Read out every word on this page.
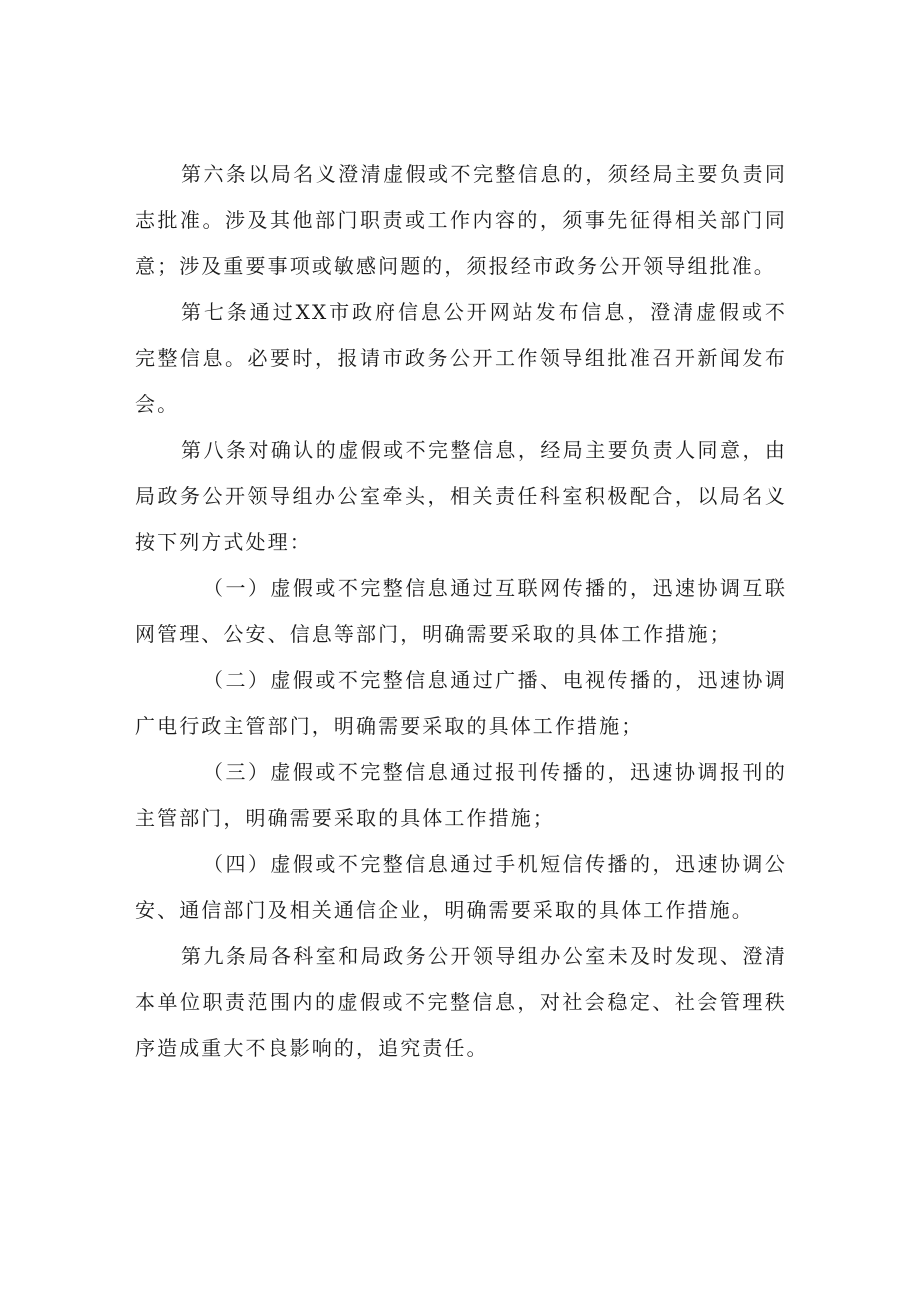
第六条以局名义澄清虚假或不完整信息的，须经局主要负责同志批准。涉及其他部门职责或工作内容的，须事先征得相关部门同意；涉及重要事项或敏感问题的，须报经市政务公开领导组批准。

第七条通过XX市政府信息公开网站发布信息，澄清虚假或不完整信息。必要时，报请市政务公开工作领导组批准召开新闻发布会。

第八条对确认的虚假或不完整信息，经局主要负责人同意，由局政务公开领导组办公室牵头，相关责任科室积极配合，以局名义按下列方式处理：

（一）虚假或不完整信息通过互联网传播的，迅速协调互联网管理、公安、信息等部门，明确需要采取的具体工作措施；

（二）虚假或不完整信息通过广播、电视传播的，迅速协调广电行政主管部门，明确需要采取的具体工作措施；

（三）虚假或不完整信息通过报刊传播的，迅速协调报刊的主管部门，明确需要采取的具体工作措施；

（四）虚假或不完整信息通过手机短信传播的，迅速协调公安、通信部门及相关通信企业，明确需要采取的具体工作措施。

第九条局各科室和局政务公开领导组办公室未及时发现、澄清本单位职责范围内的虚假或不完整信息，对社会稳定、社会管理秩序造成重大不良影响的，追究责任。
